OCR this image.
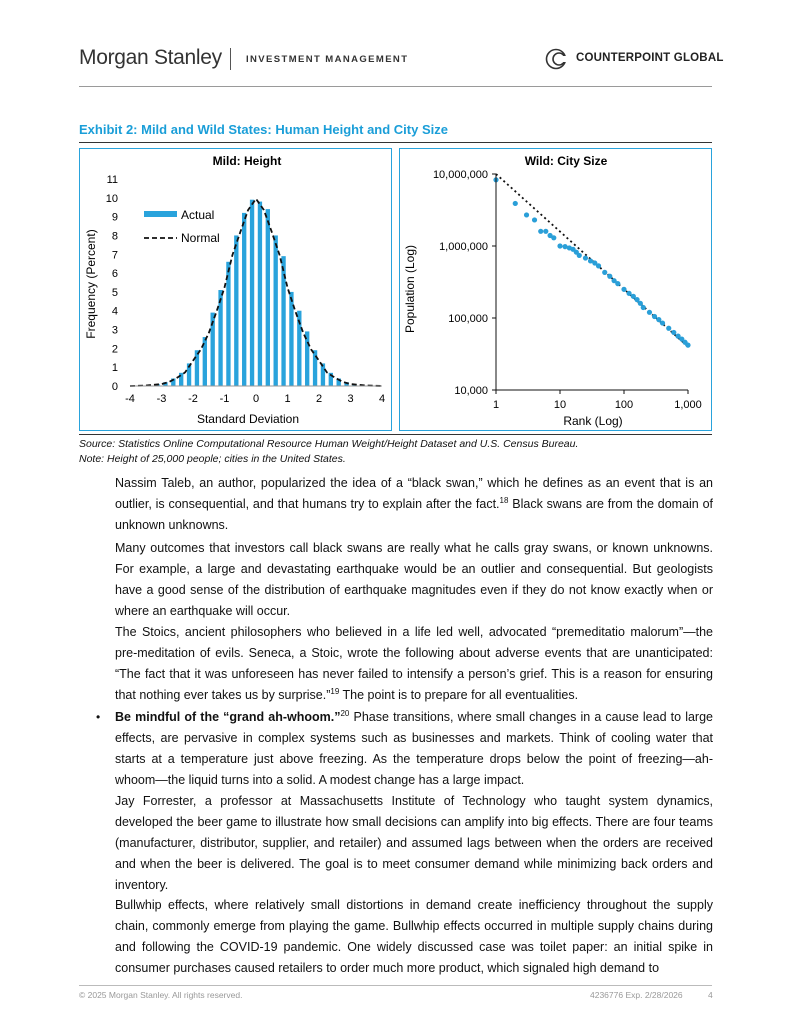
Morgan Stanley	INVESTMENT MANAGEMENT	COUNTERPOINT GLOBAL
Exhibit 2: Mild and Wild States: Human Height and City Size
Mild: Height
Standard Deviation
Frequency (Percent)
0
1
2
3
4
5
6
7
8
9
10
11
-4 -3 -2 -1 0 1 2 3 4
Actual
Normal
Wild: City Size
Rank (Log)
Population (Log)
10,000
100,000
1,000,000
10,000,000
1	10	100	1,000
Source: Statistics Online Computational Resource Human Weight/Height Dataset and U.S. Census Bureau.
Note: Height of 25,000 people; cities in the United States.
Nassim Taleb, an author, popularized the idea of a “black swan,” which he defines as an event that is an outlier, is consequential, and that humans try to explain after the fact.$^{18}$ Black swans are from the domain of unknown unknowns.
Many outcomes that investors call black swans are really what he calls gray swans, or known unknowns. For example, a large and devastating earthquake would be an outlier and consequential. But geologists have a good sense of the distribution of earthquake magnitudes even if they do not know exactly when or where an earthquake will occur.
The Stoics, ancient philosophers who believed in a life led well, advocated “premeditatio malorum”—the pre-meditation of evils. Seneca, a Stoic, wrote the following about adverse events that are unanticipated: “The fact that it was unforeseen has never failed to intensify a person’s grief. This is a reason for ensuring that nothing ever takes us by surprise.”$^{19}$ The point is to prepare for all eventualities.
• Be mindful of the “grand ah-whoom.”$^{20}$ Phase transitions, where small changes in a cause lead to large effects, are pervasive in complex systems such as businesses and markets. Think of cooling water that starts at a temperature just above freezing. As the temperature drops below the point of freezing—ah-whoom—the liquid turns into a solid. A modest change has a large impact.
Jay Forrester, a professor at Massachusetts Institute of Technology who taught system dynamics, developed the beer game to illustrate how small decisions can amplify into big effects. There are four teams (manufacturer, distributor, supplier, and retailer) and assumed lags between when the orders are received and when the beer is delivered. The goal is to meet consumer demand while minimizing back orders and inventory.
Bullwhip effects, where relatively small distortions in demand create inefficiency throughout the supply chain, commonly emerge from playing the game. Bullwhip effects occurred in multiple supply chains during and following the COVID-19 pandemic. One widely discussed case was toilet paper: an initial spike in consumer purchases caused retailers to order much more product, which signaled high demand to
© 2025 Morgan Stanley. All rights reserved.	4236776 Exp. 2/28/2026	4
